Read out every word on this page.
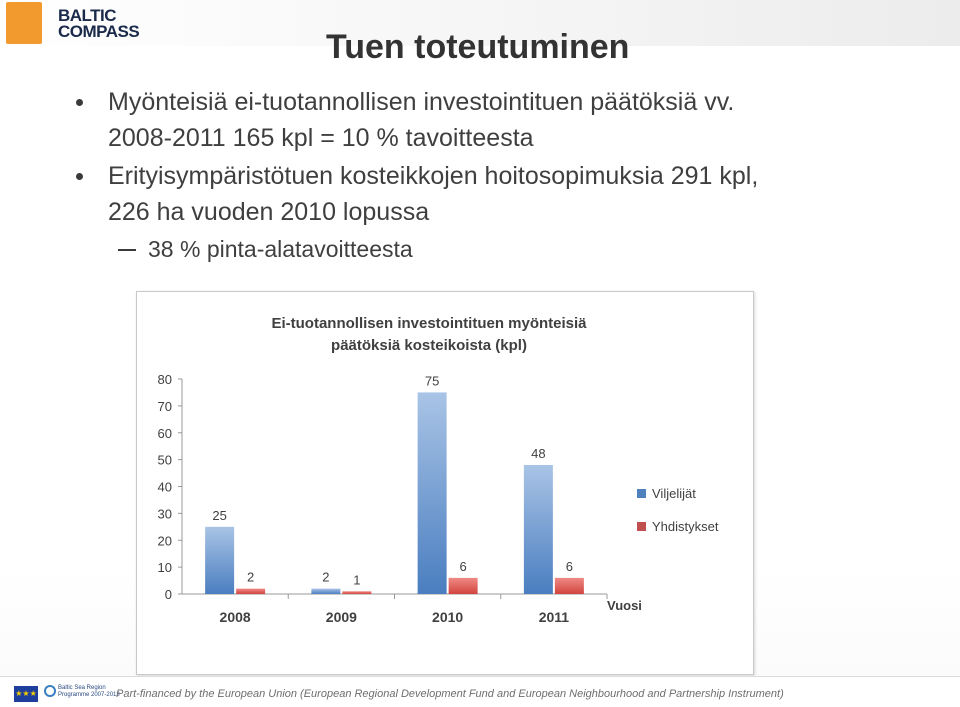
BALTIC
COMPASS	Tuen toteutuminen
Myönteisiä ei-tuotannollisen investointituen päätöksiä vv.
2008-2011 165 kpl = 10 % tavoitteesta
Erityisympäristötuen kosteikkojen hoitosopimuksia 291 kpl,
226 ha vuoden 2010 lopussa
38 % pinta-alatavoitteesta
Ei-tuotannollisen investointituen myönteisiä
päätöksiä kosteikoista (kpl)
Vuosi
0
10
20
30
40
50
60
70
80
2008
25
2
2009
2 1
2010
75
6
2011
48
6
Viljelijät
Yhdistykset
★★★
Baltic Sea Region
Programme 2007-2013
Part-financed by the European Union (European Regional Development Fund and European Neighbourhood and Partnership Instrument)
